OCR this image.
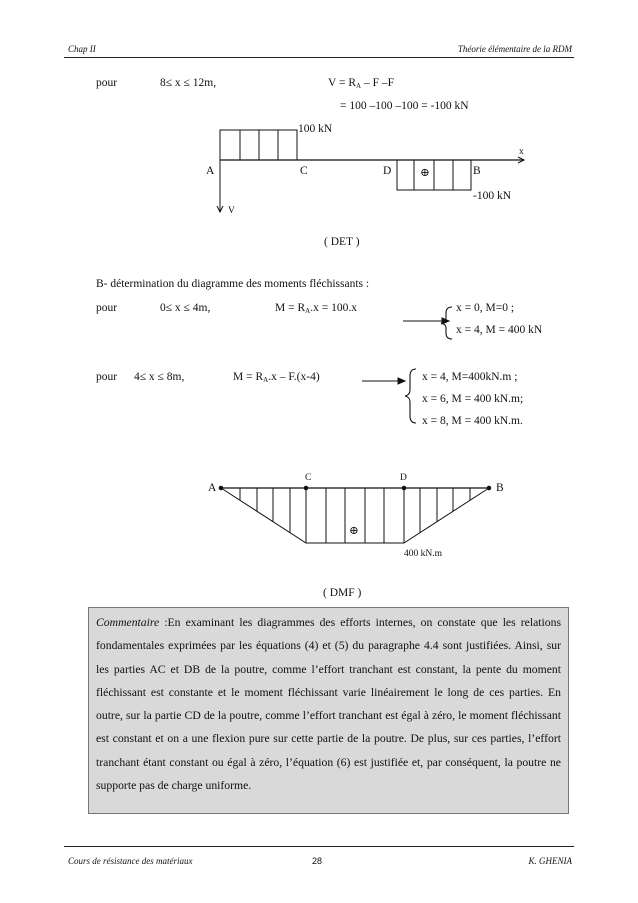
Chap II	Théorie élémentaire de la RDM
pour	8≤ x ≤ 12m,	$V = R_A - F$ –F
= 100 –100 –100 = -100 kN
100 kN
A	C	D ⊕	B
x
V
-100 kN
( DET )
B- détermination du diagramme des moments fléchissants :
pour	0≤ x ≤ 4m,	$M = R_A.x = 100.x$	x = 0, M=0 ;
x = 4, M = 400 kN
pour 4≤ x ≤ 8m,	$M = R_A.x - F.(x-4)$	x = 4, M=400kN.m ;
x = 6, M = 400 kN.m;
x = 8, M = 400 kN.m.
A
C	D
B
⊕
400 kN.m
( DMF )
Commentaire :En examinant les diagrammes des efforts internes, on constate que les relations fondamentales exprimées par les équations (4) et (5) du paragraphe 4.4 sont justifiées. Ainsi, sur les parties AC et DB de la poutre, comme l’effort tranchant est constant, la pente du moment fléchissant est constante et le moment fléchissant varie linéairement le long de ces parties. En outre, sur la partie CD de la poutre, comme l’effort tranchant est égal à zéro, le moment fléchissant est constant et on a une flexion pure sur cette partie de la poutre. De plus, sur ces parties, l’effort tranchant étant constant ou égal à zéro, l’équation (6) est justifiée et, par conséquent, la poutre ne supporte pas de charge uniforme.
Cours de résistance des matériaux	28	K. GHENIA
